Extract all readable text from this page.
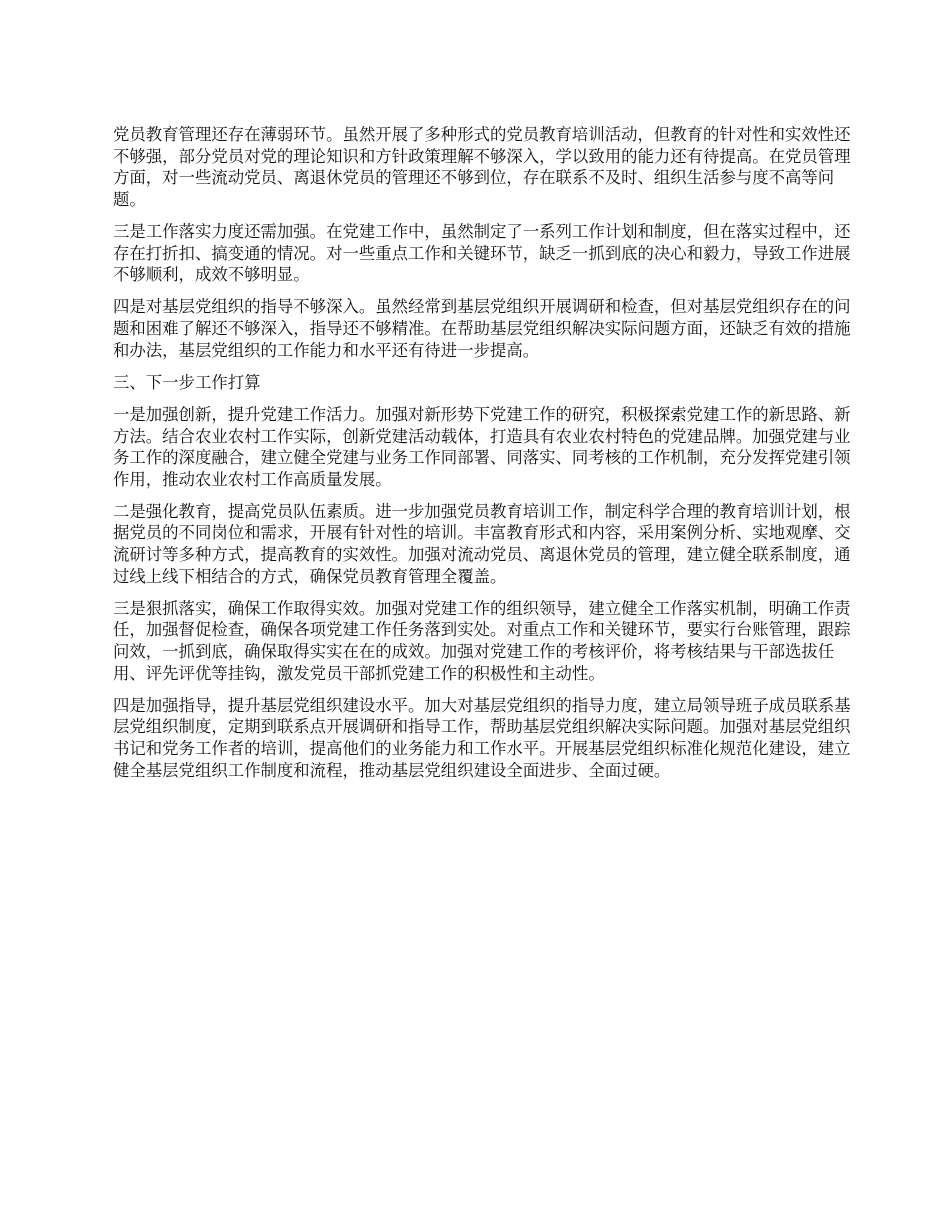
党员教育管理还存在薄弱环节。虽然开展了多种形式的党员教育培训活动，但教育的针对性和实效性还不够强，部分党员对党的理论知识和方针政策理解不够深入，学以致用的能力还有待提高。在党员管理方面，对一些流动党员、离退休党员的管理还不够到位，存在联系不及时、组织生活参与度不高等问题。

三是工作落实力度还需加强。在党建工作中，虽然制定了一系列工作计划和制度，但在落实过程中，还存在打折扣、搞变通的情况。对一些重点工作和关键环节，缺乏一抓到底的决心和毅力，导致工作进展不够顺利，成效不够明显。

四是对基层党组织的指导不够深入。虽然经常到基层党组织开展调研和检查，但对基层党组织存在的问题和困难了解还不够深入，指导还不够精准。在帮助基层党组织解决实际问题方面，还缺乏有效的措施和办法，基层党组织的工作能力和水平还有待进一步提高。

三、下一步工作打算

一是加强创新，提升党建工作活力。加强对新形势下党建工作的研究，积极探索党建工作的新思路、新方法。结合农业农村工作实际，创新党建活动载体，打造具有农业农村特色的党建品牌。加强党建与业务工作的深度融合，建立健全党建与业务工作同部署、同落实、同考核的工作机制，充分发挥党建引领作用，推动农业农村工作高质量发展。

二是强化教育，提高党员队伍素质。进一步加强党员教育培训工作，制定科学合理的教育培训计划，根据党员的不同岗位和需求，开展有针对性的培训。丰富教育形式和内容，采用案例分析、实地观摩、交流研讨等多种方式，提高教育的实效性。加强对流动党员、离退休党员的管理，建立健全联系制度，通过线上线下相结合的方式，确保党员教育管理全覆盖。

三是狠抓落实，确保工作取得实效。加强对党建工作的组织领导，建立健全工作落实机制，明确工作责任，加强督促检查，确保各项党建工作任务落到实处。对重点工作和关键环节，要实行台账管理，跟踪问效，一抓到底，确保取得实实在在的成效。加强对党建工作的考核评价，将考核结果与干部选拔任用、评先评优等挂钩，激发党员干部抓党建工作的积极性和主动性。

四是加强指导，提升基层党组织建设水平。加大对基层党组织的指导力度，建立局领导班子成员联系基层党组织制度，定期到联系点开展调研和指导工作，帮助基层党组织解决实际问题。加强对基层党组织书记和党务工作者的培训，提高他们的业务能力和工作水平。开展基层党组织标准化规范化建设，建立健全基层党组织工作制度和流程，推动基层党组织建设全面进步、全面过硬。
